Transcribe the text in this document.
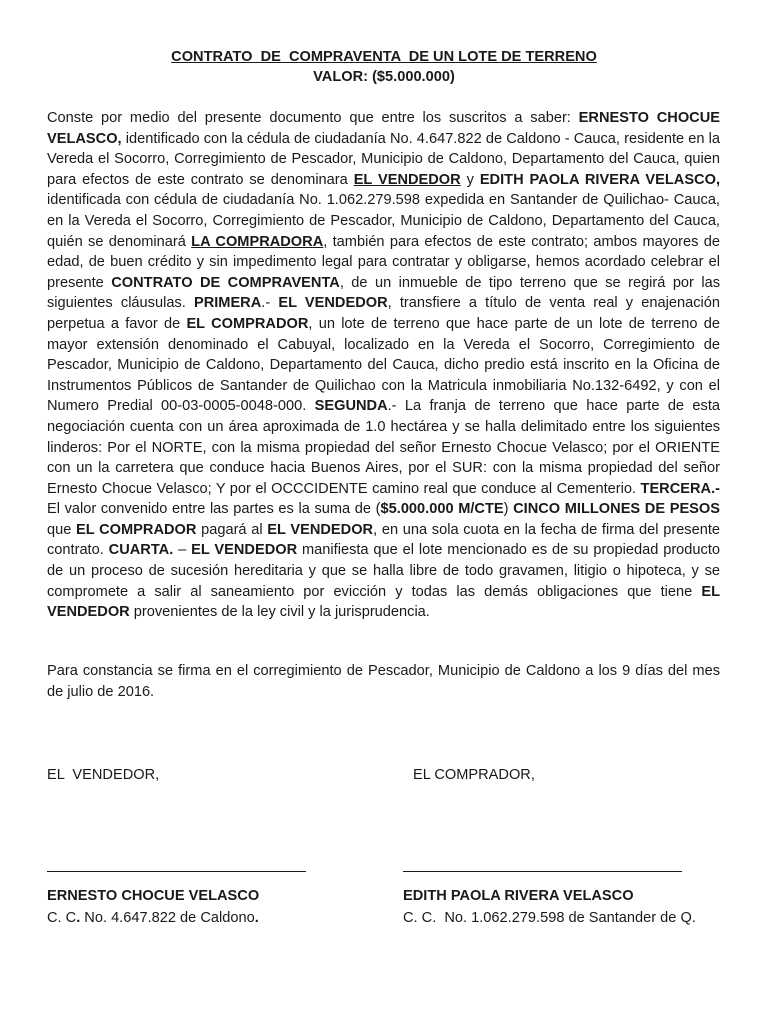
CONTRATO  DE  COMPRAVENTA  DE UN LOTE DE TERRENO
VALOR: ($5.000.000)
Conste por medio del presente documento que entre los suscritos a saber: ERNESTO CHOCUE VELASCO, identificado con la cédula de ciudadanía No. 4.647.822 de Caldono - Cauca, residente en la Vereda el Socorro, Corregimiento de Pescador, Municipio de Caldono, Departamento del Cauca, quien para efectos de este contrato se denominara EL VENDEDOR y EDITH PAOLA RIVERA VELASCO, identificada con cédula de ciudadanía No. 1.062.279.598 expedida en Santander de Quilichao- Cauca, en la Vereda el Socorro, Corregimiento de Pescador, Municipio de Caldono, Departamento del Cauca, quién se denominará LA COMPRADORA, también para efectos de este contrato; ambos mayores de edad, de buen crédito y sin impedimento legal para contratar y obligarse, hemos acordado celebrar el presente CONTRATO DE COMPRAVENTA, de un inmueble de tipo terreno que se regirá por las siguientes cláusulas. PRIMERA.- EL VENDEDOR, transfiere a título de venta real y enajenación perpetua a favor de EL COMPRADOR, un lote de terreno que hace parte de un lote de terreno de mayor extensión denominado el Cabuyal, localizado en la Vereda el Socorro, Corregimiento de Pescador, Municipio de Caldono, Departamento del Cauca, dicho predio está inscrito en la Oficina de Instrumentos Públicos de Santander de Quilichao con la Matricula inmobiliaria No.132-6492, y con el Numero Predial 00-03-0005-0048-000. SEGUNDA.- La franja de terreno que hace parte de esta negociación cuenta con un área aproximada de 1.0 hectárea y se halla delimitado entre los siguientes linderos: Por el NORTE, con la misma propiedad del señor Ernesto Chocue Velasco; por el ORIENTE con un la carretera que conduce hacia Buenos Aires, por el SUR: con la misma propiedad del señor Ernesto Chocue Velasco; Y por el OCCCIDENTE camino real que conduce al Cementerio. TERCERA.- El valor convenido entre las partes es la suma de ($5.000.000 M/CTE) CINCO MILLONES DE PESOS que EL COMPRADOR pagará al EL VENDEDOR, en una sola cuota en la fecha de firma del presente contrato. CUARTA. – EL VENDEDOR manifiesta que el lote mencionado es de su propiedad producto de un proceso de sucesión hereditaria y que se halla libre de todo gravamen, litigio o hipoteca, y se compromete a salir al saneamiento por evicción y todas las demás obligaciones que tiene EL VENDEDOR provenientes de la ley civil y la jurisprudencia.
Para constancia se firma en el corregimiento de Pescador, Municipio de Caldono a los 9 días del mes de julio de 2016.
EL  VENDEDOR,	EL COMPRADOR,
ERNESTO CHOCUE VELASCO	EDITH PAOLA RIVERA VELASCO
C. C. No. 4.647.822 de Caldono.	C. C.  No. 1.062.279.598 de Santander de Q.
